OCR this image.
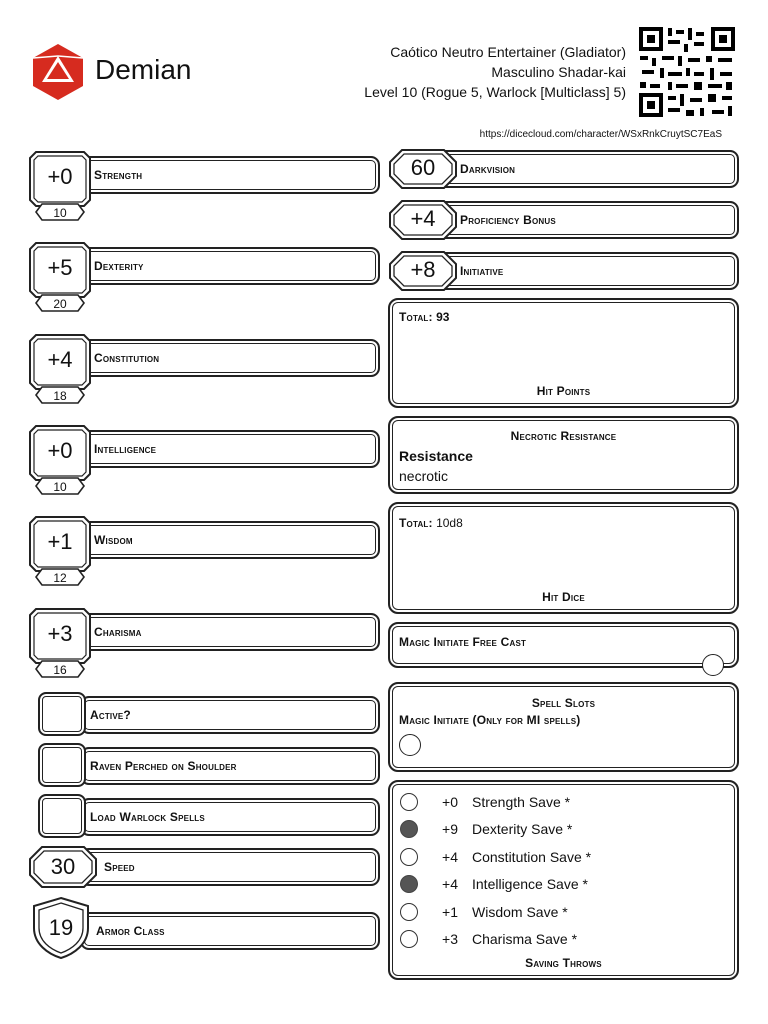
Demian
Caótico Neutro Entertainer (Gladiator)
Masculino Shadar-kai
Level 10 (Rogue 5, Warlock [Multiclass] 5)
https://dicecloud.com/character/WSxRnkCruytSC7EaS
Strength
+0
10
Dexterity
+5
20
Constitution
+4
18
Intelligence
+0
10
Wisdom
+1
12
Charisma
+3
16
Active?
Raven Perched on Shoulder
Load Warlock Spells
Speed
30
Armor Class
19
Darkvision
60
Proficiency Bonus
+4
Initiative
+8
Total: 93
Hit Points
Necrotic Resistance
Resistance
necrotic
Total: 10d8
Hit Dice
Magic Initiate Free Cast
Spell Slots
Magic Initiate (Only for MI spells)
Saving Throws
+0 Strength Save *
+9 Dexterity Save *
+4 Constitution Save *
+4 Intelligence Save *
+1 Wisdom Save *
+3 Charisma Save *
